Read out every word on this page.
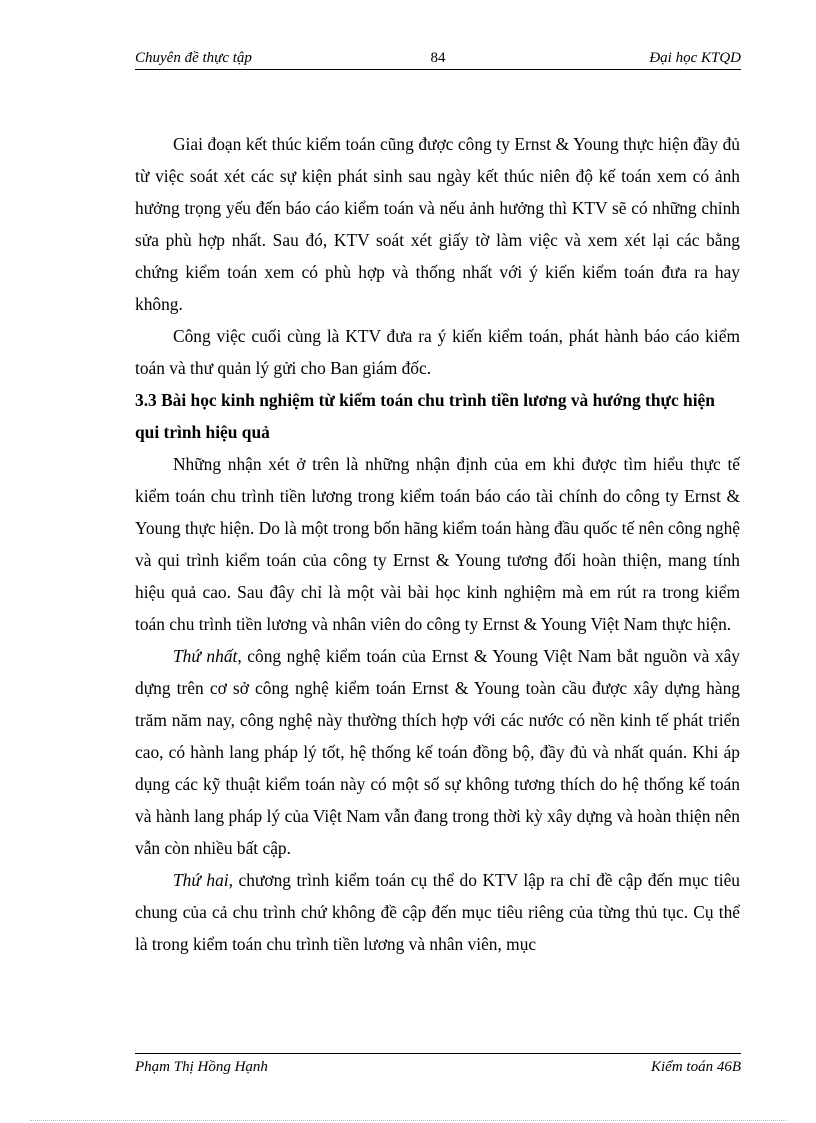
Chuyên đề thực tập	84	Đại học KTQD

Giai đoạn kết thúc kiểm toán cũng được công ty Ernst & Young thực hiện đầy đủ từ việc soát xét các sự kiện phát sinh sau ngày kết thúc niên độ kế toán xem có ảnh hưởng trọng yếu đến báo cáo kiểm toán và nếu ảnh hưởng thì KTV sẽ có những chỉnh sửa phù hợp nhất. Sau đó, KTV soát xét giấy tờ làm việc và xem xét lại các bằng chứng kiểm toán xem có phù hợp và thống nhất với ý kiến kiểm toán đưa ra hay không.

Công việc cuối cùng là KTV đưa ra ý kiến kiểm toán, phát hành báo cáo kiểm toán và thư quản lý gửi cho Ban giám đốc.

3.3 Bài học kinh nghiệm từ kiểm toán chu trình tiền lương và hướng thực hiện qui trình hiệu quả

Những nhận xét ở trên là những nhận định của em khi được tìm hiểu thực tế kiểm toán chu trình tiền lương trong kiểm toán báo cáo tài chính do công ty Ernst & Young thực hiện. Do là một trong bốn hãng kiểm toán hàng đầu quốc tế nên công nghệ và qui trình kiểm toán của công ty Ernst & Young tương đối hoàn thiện, mang tính hiệu quả cao. Sau đây chỉ là một vài bài học kinh nghiệm mà em rút ra trong kiểm toán chu trình tiền lương và nhân viên do công ty Ernst & Young Việt Nam thực hiện.

Thứ nhất, công nghệ kiểm toán của Ernst & Young Việt Nam bắt nguồn và xây dựng trên cơ sở công nghệ kiểm toán Ernst & Young toàn cầu được xây dựng hàng trăm năm nay, công nghệ này thường thích hợp với các nước có nền kinh tế phát triển cao, có hành lang pháp lý tốt, hệ thống kế toán đồng bộ, đầy đủ và nhất quán. Khi áp dụng các kỹ thuật kiểm toán này có một số sự không tương thích do hệ thống kế toán và hành lang pháp lý của Việt Nam vẫn đang trong thời kỳ xây dựng và hoàn thiện nên vẫn còn nhiều bất cập.

Thứ hai, chương trình kiểm toán cụ thể do KTV lập ra chỉ đề cập đến mục tiêu chung của cả chu trình chứ không đề cập đến mục tiêu riêng của từng thủ tục. Cụ thể là trong kiểm toán chu trình tiền lương và nhân viên, mục

Phạm Thị Hồng Hạnh	Kiểm toán 46B
